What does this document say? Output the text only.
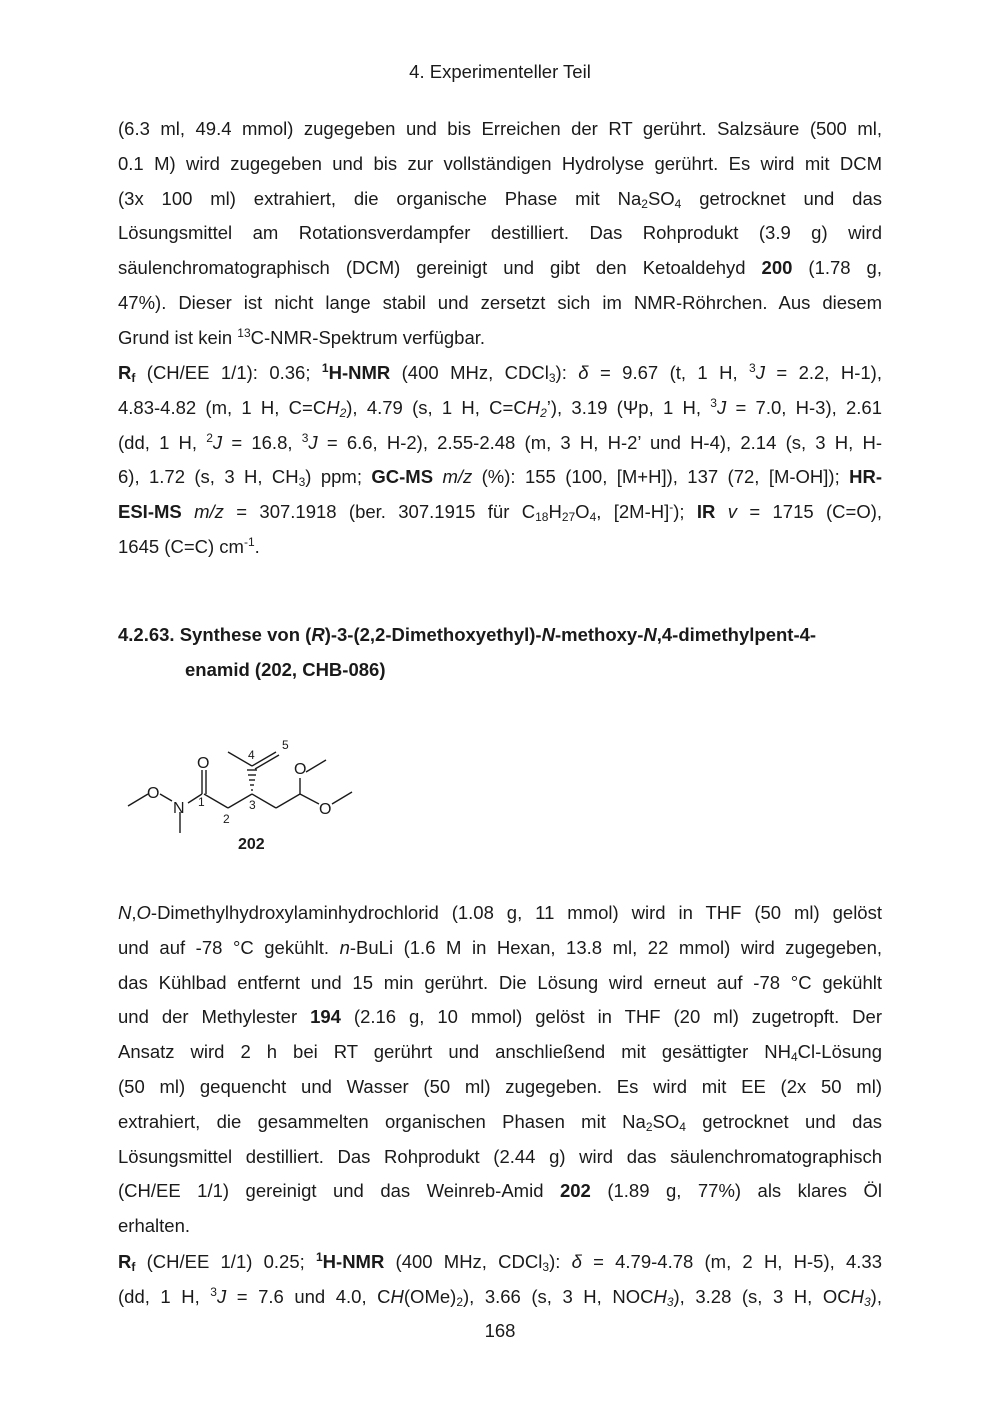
4. Experimenteller Teil
(6.3 ml, 49.4 mmol) zugegeben und bis Erreichen der RT gerührt. Salzsäure (500 ml,
0.1 M) wird zugegeben und bis zur vollständigen Hydrolyse gerührt. Es wird mit DCM
(3x 100 ml) extrahiert, die organische Phase mit $Na_2SO_4$ getrocknet und das
Lösungsmittel am Rotationsverdampfer destilliert. Das Rohprodukt (3.9 g) wird
säulenchromatographisch (DCM) gereinigt und gibt den Ketoaldehyd 200 (1.78 g,
47%). Dieser ist nicht lange stabil und zersetzt sich im NMR-Röhrchen. Aus diesem
Grund ist kein $^{13}$C-NMR-Spektrum verfügbar.
$R_f$ (CH/EE 1/1): 0.36; $^1$H-NMR (400 MHz, CDCl$_3$): δ = 9.67 (t, 1 H, $^3$J = 2.2, H-1),
4.83-4.82 (m, 1 H, $C=CH_2$), 4.79 (s, 1 H, $C=CH_2$’), 3.19 (Ψp, 1 H, $^3$J = 7.0, H-3), 2.61
(dd, 1 H, $^2$J = 16.8, $^3$J = 6.6, H-2), 2.55-2.48 (m, 3 H, H-2’ und H-4), 2.14 (s, 3 H, H-
6), 1.72 (s, 3 H, $CH_3$) ppm; GC-MS m/z (%): 155 (100, [M+H]), 137 (72, [M-OH]); HR-
ESI-MS m/z = 307.1918 (ber. 307.1915 für $C_{18}H_{27}O_4$, [2M-H]-); IR v = 1715 (C=O),
1645 (C=C) $cm^{-1}$.
4.2.63. Synthese von (R)-3-(2,2-Dimethoxyethyl)-N-methoxy-N,4-dimethylpent-4-
enamid (202, CHB-086)
O
O
N
O
O
1
2
3
4
5
202
N,O-Dimethylhydroxylaminhydrochlorid (1.08 g, 11 mmol) wird in THF (50 ml) gelöst
und auf -78 °C gekühlt. n-BuLi (1.6 M in Hexan, 13.8 ml, 22 mmol) wird zugegeben,
das Kühlbad entfernt und 15 min gerührt. Die Lösung wird erneut auf -78 °C gekühlt
und der Methylester 194 (2.16 g, 10 mmol) gelöst in THF (20 ml) zugetropft. Der
Ansatz wird 2 h bei RT gerührt und anschließend mit gesättigter $NH_4Cl$-Lösung
(50 ml) gequencht und Wasser (50 ml) zugegeben. Es wird mit EE (2x 50 ml)
extrahiert, die gesammelten organischen Phasen mit $Na_2SO_4$ getrocknet und das
Lösungsmittel destilliert. Das Rohprodukt (2.44 g) wird das säulenchromatographisch
(CH/EE 1/1) gereinigt und das Weinreb-Amid 202 (1.89 g, 77%) als klares Öl
erhalten.
$R_f$ (CH/EE 1/1) 0.25; $^1$H-NMR (400 MHz, CDCl$_3$): δ = 4.79-4.78 (m, 2 H, H-5), 4.33
(dd, 1 H, $^3$J = 7.6 und 4.0, $CH(OMe)_2$), 3.66 (s, 3 H, $NOCH_3$), 3.28 (s, 3 H, $OCH_3$),
168
